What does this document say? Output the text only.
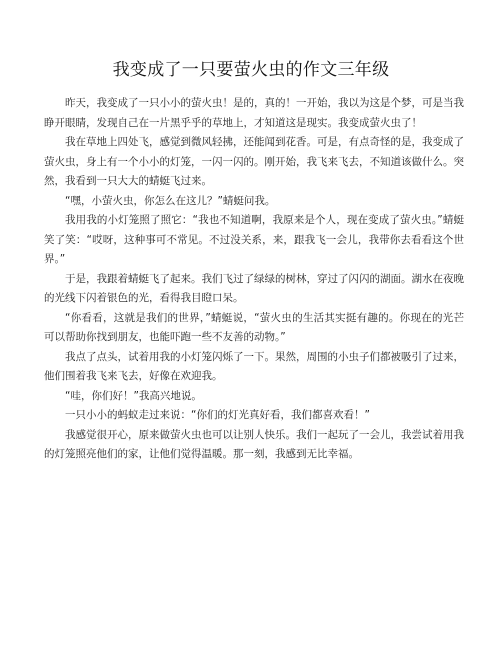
我变成了一只要萤火虫的作文三年级

昨天，我变成了一只小小的萤火虫！是的，真的！一开始，我以为这是个梦，可是当我睁开眼睛，发现自己在一片黑乎乎的草地上，才知道这是现实。我变成萤火虫了！

我在草地上四处飞，感觉到微风轻拂，还能闻到花香。可是，有点奇怪的是，我变成了萤火虫，身上有一个小小的灯笼，一闪一闪的。刚开始，我飞来飞去，不知道该做什么。突然，我看到一只大大的蜻蜓飞过来。

“嘿，小萤火虫，你怎么在这儿？”蜻蜓问我。

我用我的小灯笼照了照它：“我也不知道啊，我原来是个人，现在变成了萤火虫。”蜻蜓笑了笑：“哎呀，这种事可不常见。不过没关系，来，跟我飞一会儿，我带你去看看这个世界。”

于是，我跟着蜻蜓飞了起来。我们飞过了绿绿的树林，穿过了闪闪的湖面。湖水在夜晚的光线下闪着银色的光，看得我目瞪口呆。

“你看看，这就是我们的世界，”蜻蜓说，“萤火虫的生活其实挺有趣的。你现在的光芒可以帮助你找到朋友，也能吓跑一些不友善的动物。”

我点了点头，试着用我的小灯笼闪烁了一下。果然，周围的小虫子们都被吸引了过来，他们围着我飞来飞去，好像在欢迎我。

“哇，你们好！”我高兴地说。

一只小小的蚂蚁走过来说：“你们的灯光真好看，我们都喜欢看！”

我感觉很开心，原来做萤火虫也可以让别人快乐。我们一起玩了一会儿，我尝试着用我的灯笼照亮他们的家，让他们觉得温暖。那一刻，我感到无比幸福。
